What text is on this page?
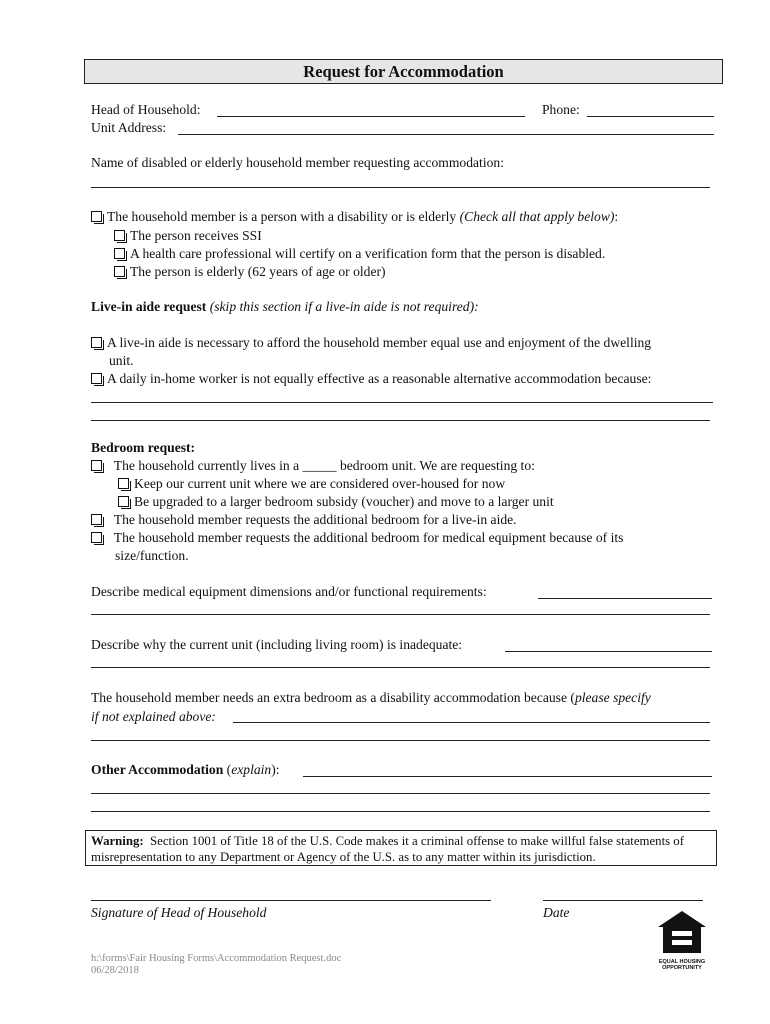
Request for Accommodation
Head of Household:	Phone:
Unit Address:
Name of disabled or elderly household member requesting accommodation:
The household member is a person with a disability or is elderly (Check all that apply below):
The person receives SSI
A health care professional will certify on a verification form that the person is disabled.
The person is elderly (62 years of age or older)
Live-in aide request (skip this section if a live-in aide is not required):
A live-in aide is necessary to afford the household member equal use and enjoyment of the dwelling
unit.
A daily in-home worker is not equally effective as a reasonable alternative accommodation because:
Bedroom request:
The household currently lives in a _____ bedroom unit. We are requesting to:
Keep our current unit where we are considered over-housed for now
Be upgraded to a larger bedroom subsidy (voucher) and move to a larger unit
The household member requests the additional bedroom for a live-in aide.
The household member requests the additional bedroom for medical equipment because of its
size/function.
Describe medical equipment dimensions and/or functional requirements:
Describe why the current unit (including living room) is inadequate:
The household member needs an extra bedroom as a disability accommodation because (please specify
if not explained above:
Other Accommodation (explain):
Warning: Section 1001 of Title 18 of the U.S. Code makes it a criminal offense to make willful false statements of misrepresentation to any Department or Agency of the U.S. as to any matter within its jurisdiction.
Signature of Head of Household	Date
EQUAL HOUSING
OPPORTUNITY
h:\forms\Fair Housing Forms\Accommodation Request.doc
06/28/2018
